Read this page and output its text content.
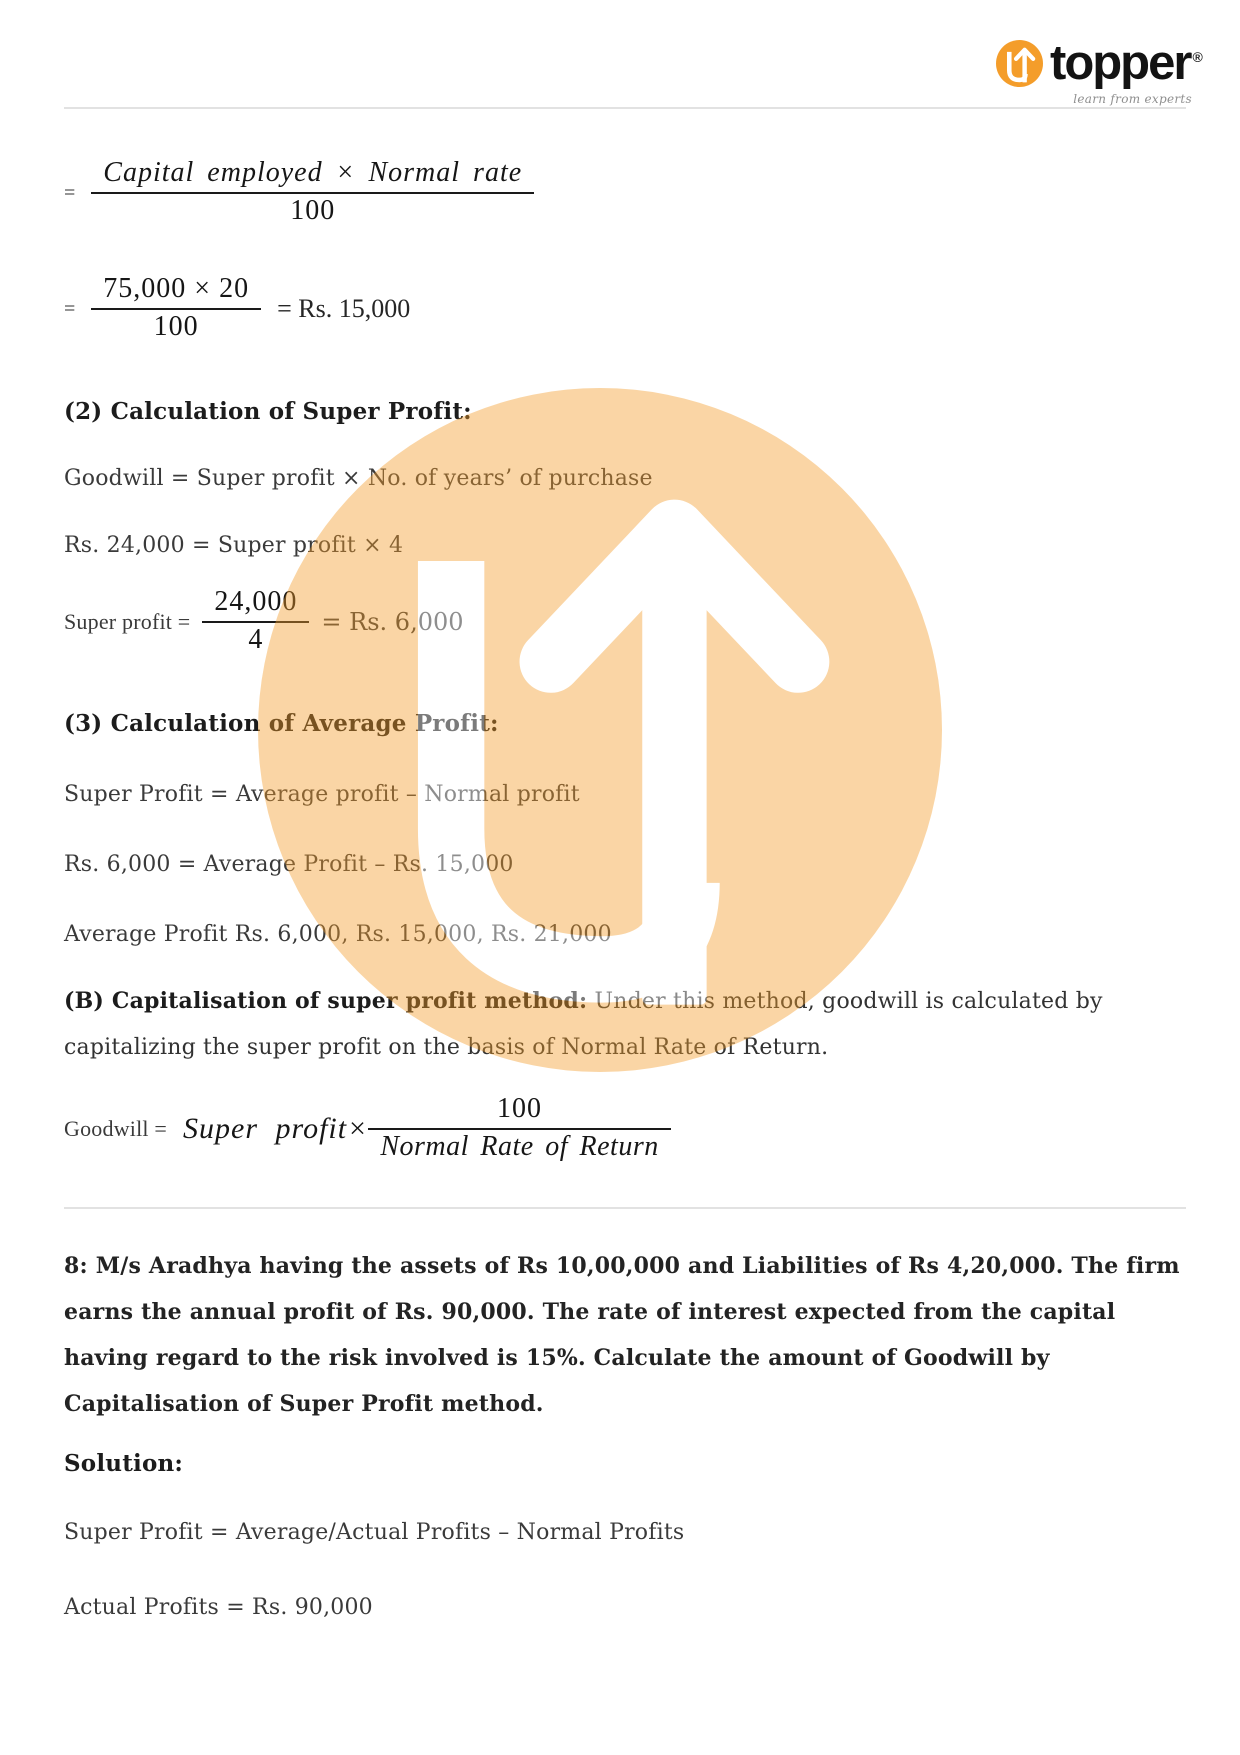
topper ®
learn from experts
= $\frac{\text{Capital employed × Normal rate}}{100}$
= $\frac{75,000 \times 20}{100} = Rs$. 15,000
(2) Calculation of Super Profit:
Goodwill = Super profit × No. of years’ of purchase
Rs. 24,000 = Super profit × 4
Super profit = $\frac{24,000}{4} = Rs$. 6,000
(3) Calculation of Average Profit:
Super Profit = Average profit – Normal profit
Rs. 6,000 = Average Profit – Rs. 15,000
Average Profit Rs. 6,000, Rs. 15,000, Rs. 21,000
(B) Capitalisation of super profit method: Under this method, goodwill is calculated by
capitalizing the super profit on the basis of Normal Rate of Return.
Goodwill = Super profit× $\frac{100}{\text{Normal Rate of Return}}$
8: M/s Aradhya having the assets of Rs 10,00,000 and Liabilities of Rs 4,20,000. The firm
earns the annual profit of Rs. 90,000. The rate of interest expected from the capital
having regard to the risk involved is 15%. Calculate the amount of Goodwill by
Capitalisation of Super Profit method.
Solution:
Super Profit = Average/Actual Profits – Normal Profits
Actual Profits = Rs. 90,000
